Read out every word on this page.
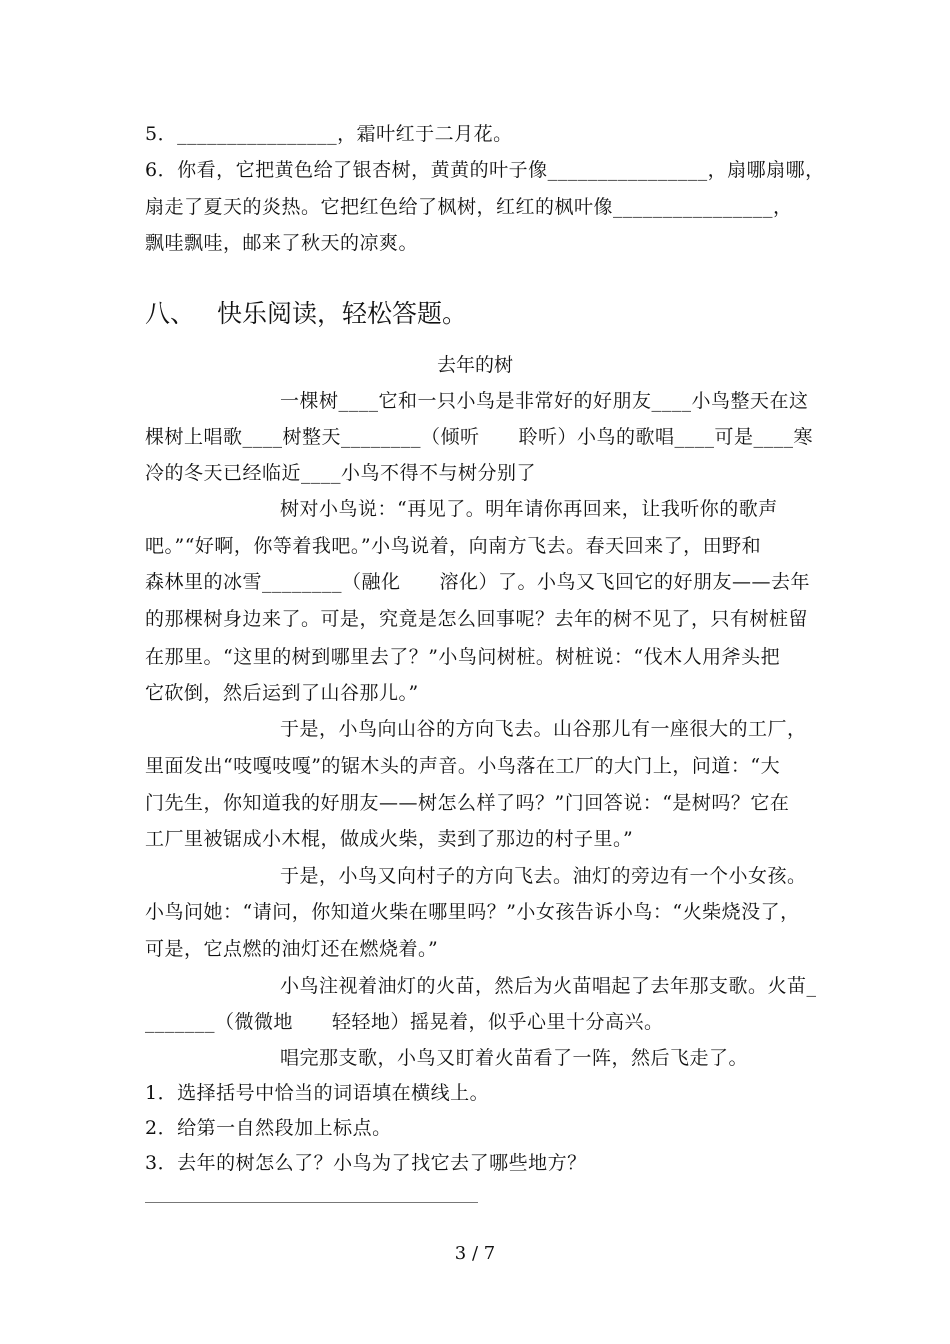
5．________________，霜叶红于二月花。
6．你看，它把黄色给了银杏树，黄黄的叶子像________________，扇哪扇哪，
扇走了夏天的炎热。它把红色给了枫树，红红的枫叶像________________，
飘哇飘哇，邮来了秋天的凉爽。
八、 快乐阅读，轻松答题。
去年的树
一棵树____它和一只小鸟是非常好的好朋友____小鸟整天在这
棵树上唱歌____树整天________（倾听　　聆听）小鸟的歌唱____可是____寒
冷的冬天已经临近____小鸟不得不与树分别了
树对小鸟说：“再见了。明年请你再回来，让我听你的歌声
吧。”“好啊，你等着我吧。”小鸟说着，向南方飞去。春天回来了，田野和
森林里的冰雪________（融化　　溶化）了。小鸟又飞回它的好朋友——去年
的那棵树身边来了。可是，究竟是怎么回事呢？去年的树不见了，只有树桩留
在那里。“这里的树到哪里去了？”小鸟问树桩。树桩说：“伐木人用斧头把
它砍倒，然后运到了山谷那儿。”
于是，小鸟向山谷的方向飞去。山谷那儿有一座很大的工厂，
里面发出“吱嘎吱嘎”的锯木头的声音。小鸟落在工厂的大门上，问道：“大
门先生，你知道我的好朋友——树怎么样了吗？”门回答说：“是树吗？它在
工厂里被锯成小木棍，做成火柴，卖到了那边的村子里。”
于是，小鸟又向村子的方向飞去。油灯的旁边有一个小女孩。
小鸟问她：“请问，你知道火柴在哪里吗？”小女孩告诉小鸟：“火柴烧没了，
可是，它点燃的油灯还在燃烧着。”
小鸟注视着油灯的火苗，然后为火苗唱起了去年那支歌。火苗_
_______（微微地　　轻轻地）摇晃着，似乎心里十分高兴。
唱完那支歌，小鸟又盯着火苗看了一阵，然后飞走了。
1．选择括号中恰当的词语填在横线上。
2．给第一自然段加上标点。
3．去年的树怎么了？小鸟为了找它去了哪些地方？
3 / 7
